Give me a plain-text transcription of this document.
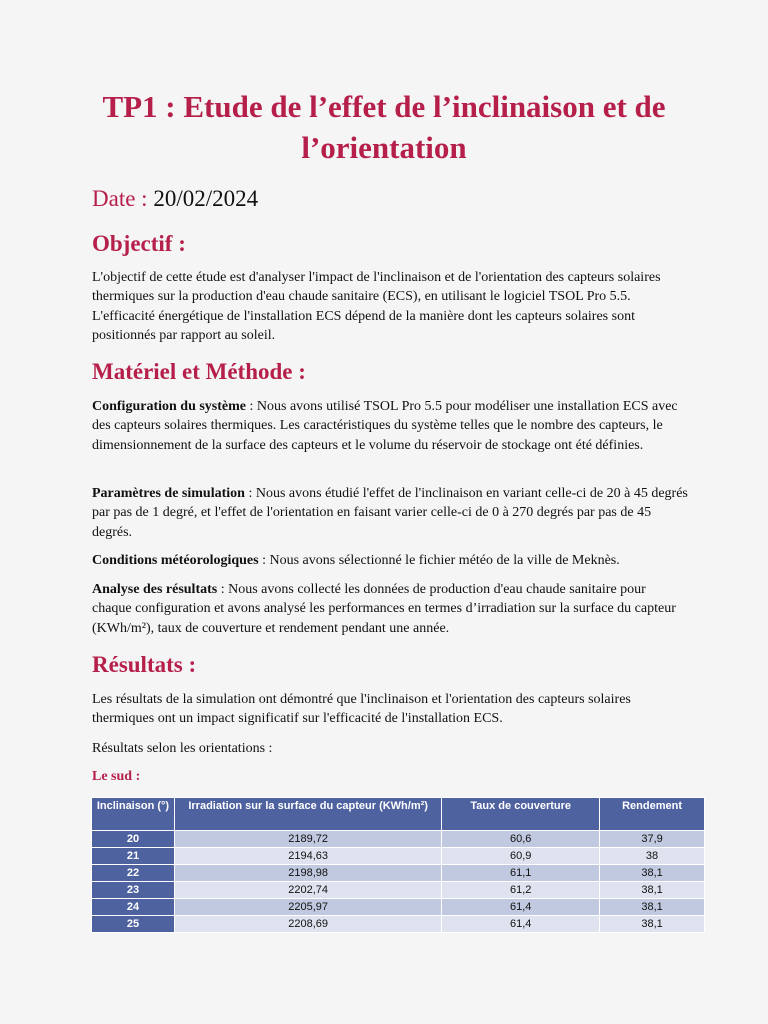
TP1 : Etude de l’effet de l’inclinaison et de l’orientation

Date : 20/02/2024

Objectif :

L'objectif de cette étude est d'analyser l'impact de l'inclinaison et de l'orientation des capteurs solaires thermiques sur la production d'eau chaude sanitaire (ECS), en utilisant le logiciel TSOL Pro 5.5. L'efficacité énergétique de l'installation ECS dépend de la manière dont les capteurs solaires sont positionnés par rapport au soleil.

Matériel et Méthode :

Configuration du système : Nous avons utilisé TSOL Pro 5.5 pour modéliser une installation ECS avec des capteurs solaires thermiques. Les caractéristiques du système telles que le nombre des capteurs, le dimensionnement de la surface des capteurs et le volume du réservoir de stockage ont été définies.

Paramètres de simulation : Nous avons étudié l'effet de l'inclinaison en variant celle-ci de 20 à 45 degrés par pas de 1 degré, et l'effet de l'orientation en faisant varier celle-ci de 0 à 270 degrés par pas de 45 degrés.

Conditions météorologiques : Nous avons sélectionné le fichier météo de la ville de Meknès.

Analyse des résultats : Nous avons collecté les données de production d'eau chaude sanitaire pour chaque configuration et avons analysé les performances en termes d’irradiation sur la surface du capteur (KWh/m²), taux de couverture et rendement pendant une année.

Résultats :

Les résultats de la simulation ont démontré que l'inclinaison et l'orientation des capteurs solaires thermiques ont un impact significatif sur l'efficacité de l'installation ECS.

Résultats selon les orientations :

Le sud :

Inclinaison (°)	Irradiation sur la surface du capteur (KWh/m²)	Taux de couverture	Rendement
20	2189,72	60,6	37,9
21	2194,63	60,9	38
22	2198,98	61,1	38,1
23	2202,74	61,2	38,1
24	2205,97	61,4	38,1
25	2208,69	61,4	38,1
